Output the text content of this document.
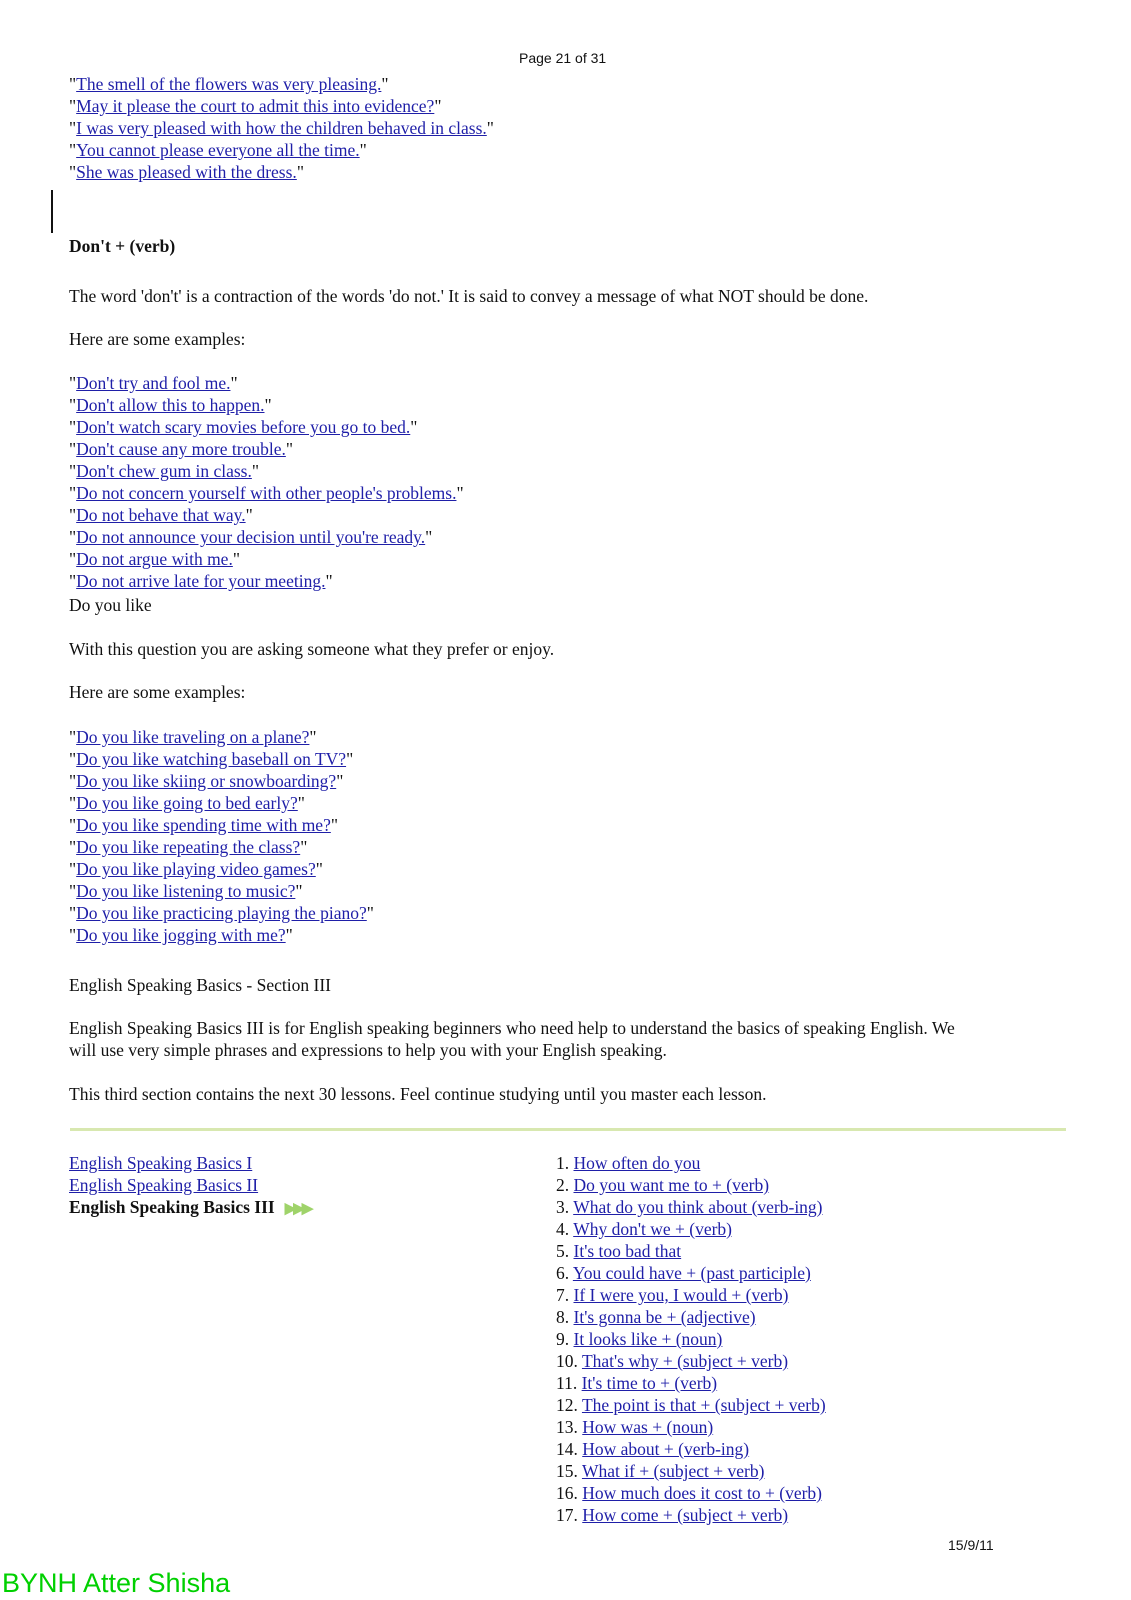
Page 21 of 31
"The smell of the flowers was very pleasing."
"May it please the court to admit this into evidence?"
"I was very pleased with how the children behaved in class."
"You cannot please everyone all the time."
"She was pleased with the dress."
Don't + (verb)
The word 'don't' is a contraction of the words 'do not.' It is said to convey a message of what NOT should be done.
Here are some examples:
"Don't try and fool me."
"Don't allow this to happen."
"Don't watch scary movies before you go to bed."
"Don't cause any more trouble."
"Don't chew gum in class."
"Do not concern yourself with other people's problems."
"Do not behave that way."
"Do not announce your decision until you're ready."
"Do not argue with me."
"Do not arrive late for your meeting."
Do you like
With this question you are asking someone what they prefer or enjoy.
Here are some examples:
"Do you like traveling on a plane?"
"Do you like watching baseball on TV?"
"Do you like skiing or snowboarding?"
"Do you like going to bed early?"
"Do you like spending time with me?"
"Do you like repeating the class?"
"Do you like playing video games?"
"Do you like listening to music?"
"Do you like practicing playing the piano?"
"Do you like jogging with me?"
English Speaking Basics - Section III
English Speaking Basics III is for English speaking beginners who need help to understand the basics of speaking English. We
will use very simple phrases and expressions to help you with your English speaking.
This third section contains the next 30 lessons. Feel continue studying until you master each lesson.
English Speaking Basics I
English Speaking Basics II
English Speaking Basics III ▶▶▶
1. How often do you
2. Do you want me to + (verb)
3. What do you think about (verb-ing)
4. Why don't we + (verb)
5. It's too bad that
6. You could have + (past participle)
7. If I were you, I would + (verb)
8. It's gonna be + (adjective)
9. It looks like + (noun)
10. That's why + (subject + verb)
11. It's time to + (verb)
12. The point is that + (subject + verb)
13. How was + (noun)
14. How about + (verb-ing)
15. What if + (subject + verb)
16. How much does it cost to + (verb)
17. How come + (subject + verb)
15/9/11
BYNH Atter Shisha
